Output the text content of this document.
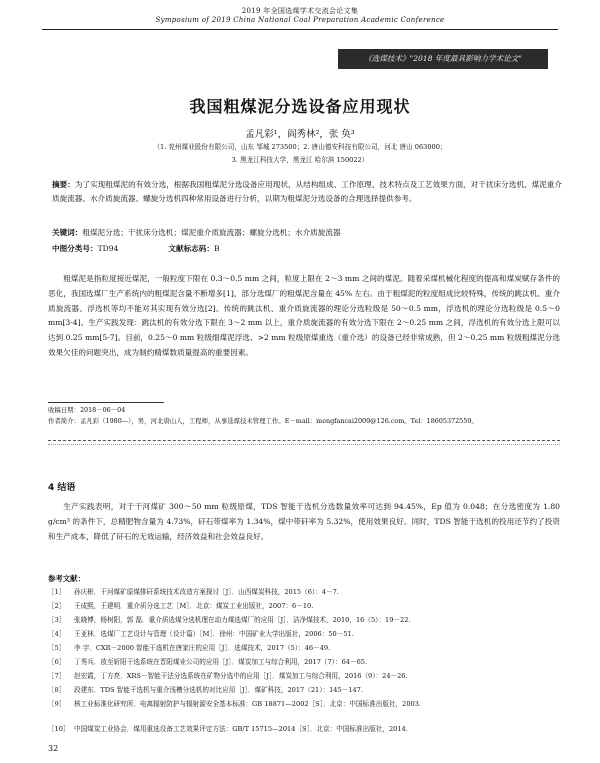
2019 年全国选煤学术交流会论文集
Symposium of 2019 China National Coal Preparation Academic Conference
《选煤技术》"2018 年度最具影响力学术论文"
我国粗煤泥分选设备应用现状
孟凡彩¹，阎秀林²，张 奂³
（1. 兖州煤业股份有限公司，山东 邹城 273500；2. 唐山德安科技有限公司，河北 唐山 063000；
3. 黑龙江科技大学，黑龙江 哈尔滨 150022）
摘要：为了实现粗煤泥的有效分选，根据我国粗煤泥分选设备应用现状，从结构组成、工作原理、技术特点及工艺效果方面，对干扰床分选机、煤泥重介质旋流器、水介质旋流器、螺旋分选机四种常用设备进行分析，以期为粗煤泥分选设备的合理选择提供参考。
关键词：粗煤泥分选；干扰床分选机；煤泥重介质旋流器；螺旋分选机；水介质旋流器
中图分类号：TD94	文献标志码：B
粗煤泥是指粒度接近煤泥，一般粒度下限在 0.3～0.5 mm 之间，粒度上限在 2～3 mm 之间的煤泥。随着采煤机械化程度的提高和煤炭赋存条件的恶化，我国选煤厂生产系统内的粗煤泥含量不断增多[1]，部分选煤厂的粗煤泥含量在 45% 左右。由于粗煤泥的粒度组成比较特殊，传统的跳汰机、重介质旋流器、浮选机等均不能对其实现有效分选[2]。传统的跳汰机、重介质旋流器的理论分选粒级是 50～0.5 mm，浮选机的理论分选粒级是 0.5～0 mm[3-4]。生产实践发现：跳汰机的有效分选下限在 3～2 mm 以上，重介质旋流器的有效分选下限在 2～0.25 mm 之间，浮选机的有效分选上限可以达到 0.25 mm[5-7]。目前，0.25～0 mm 粒级细煤泥浮选、>2 mm 粒级原煤重选（重介选）的设备已经非常成熟，但 2～0.25 mm 粒级粗煤泥分选效果欠佳的问题突出，成为制约精煤数质量提高的重要因素。
收稿日期：2018－06－04
作者简介：孟凡彩（1980—），男，河北唐山人，工程师，从事选煤技术管理工作。E－mail：mengfancai2009@126.com。Tel：18605372559。
4 结语
生产实践表明，对于干河煤矿 300～50 mm 粒级原煤，TDS 智能干选机分选数量效率可达到 94.45%，Ep 值为 0.048；在分选密度为 1.80 g/cm³ 的条件下，总精肥物含量为 4.73%，矸石带煤率为 1.34%，煤中带矸率为 5.32%，使用效果良好。同时，TDS 智能干选机的投用还节约了投资和生产成本，降低了矸石的无效运输，经济效益和社会效益良好。
参考文献：
［1］	孙庆彬．干河煤矿原煤排矸系统技术改造方案探讨［J］．山西煤炭科技，2015（6）：4－7.
［2］	王成熙，王建明．重介质分选工艺［M］．北京：煤炭工业出版社，2007：6－10.
［3］	张晓博，杨树阳，郭 磊．重介质选煤分选机理在动力煤选煤厂的应用［J］．洁净煤技术，2010，16（5）：19－22.
［4］	王亚林．选煤厂工艺设计与管理（设计篇）［M］．徐州：中国矿业大学出版社，2006：50－51.
［5］	李 宇．CXR－2000 智能干选机在唐家庄的应用［J］．选煤技术，2017（5）：46－49.
［6］	丁秀兵．放至斩阳干选系统在晋阳煤业公司的应用［J］．煤炭加工与综合利用，2017（7）：64－65.
［7］	赵宏霞，丁方亮．XRS－智能干法分选系统在矿物分选中的应用［J］．煤炭加工与综合利用，2016（9）：24－26.
［8］	段建东．TDS 智能干选机与重介浅槽分选机的对比应用［J］．煤矿科技，2017（21）：145－147.
［9］	核工业标准化研究所．电离辐射防护与辐射源安全基本标准：GB 18871—2002［S］．北京：中国标准出版社，2003.
［10］ 中国煤炭工业协会．煤用重选设备工艺效果评定方法：GB/T 15715—2014［S］．北京：中国标准出版社，2014.
32
